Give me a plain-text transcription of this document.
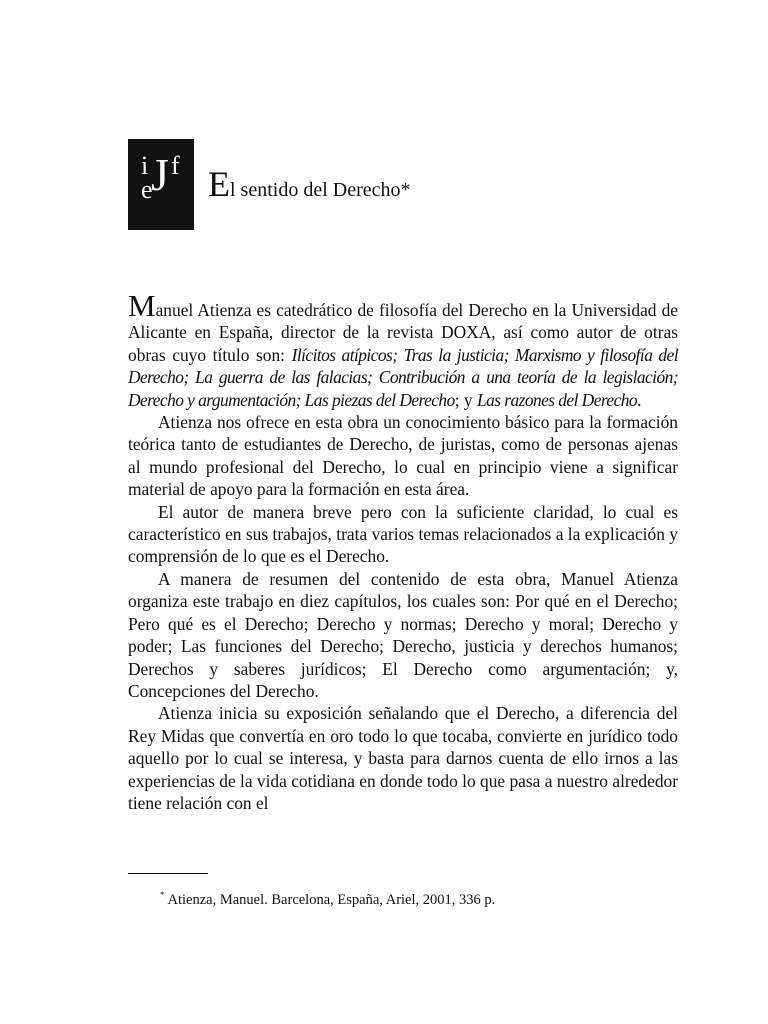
i
e
J f El sentido del Derecho*

Manuel Atienza es catedrático de filosofía del Derecho en la Universidad de Alicante en España, director de la revista DOXA, así como autor de otras obras cuyo título son: Ilícitos atípicos; Tras la justicia; Marxismo y filosofía del Derecho; La guerra de las falacias; Contribución a una teoría de la legislación; Derecho y argumentación; Las piezas del Derecho; y Las razones del Derecho.

Atienza nos ofrece en esta obra un conocimiento básico para la formación teórica tanto de estudiantes de Derecho, de juristas, como de personas ajenas al mundo profesional del Derecho, lo cual en principio viene a significar material de apoyo para la formación en esta área.

El autor de manera breve pero con la suficiente claridad, lo cual es característico en sus trabajos, trata varios temas relacionados a la explicación y comprensión de lo que es el Derecho.

A manera de resumen del contenido de esta obra, Manuel Atienza organiza este trabajo en diez capítulos, los cuales son: Por qué en el Derecho; Pero qué es el Derecho; Derecho y normas; Derecho y moral; Derecho y poder; Las funciones del Derecho; Derecho, justicia y derechos humanos; Derechos y saberes jurídicos; El Derecho como argumentación; y, Concepciones del Derecho.

Atienza inicia su exposición señalando que el Derecho, a diferencia del Rey Midas que convertía en oro todo lo que tocaba, convierte en jurídico todo aquello por lo cual se interesa, y basta para darnos cuenta de ello irnos a las experiencias de la vida cotidiana en donde todo lo que pasa a nuestro alrededor tiene relación con el

* Atienza, Manuel. Barcelona, España, Ariel, 2001, 336 p.
